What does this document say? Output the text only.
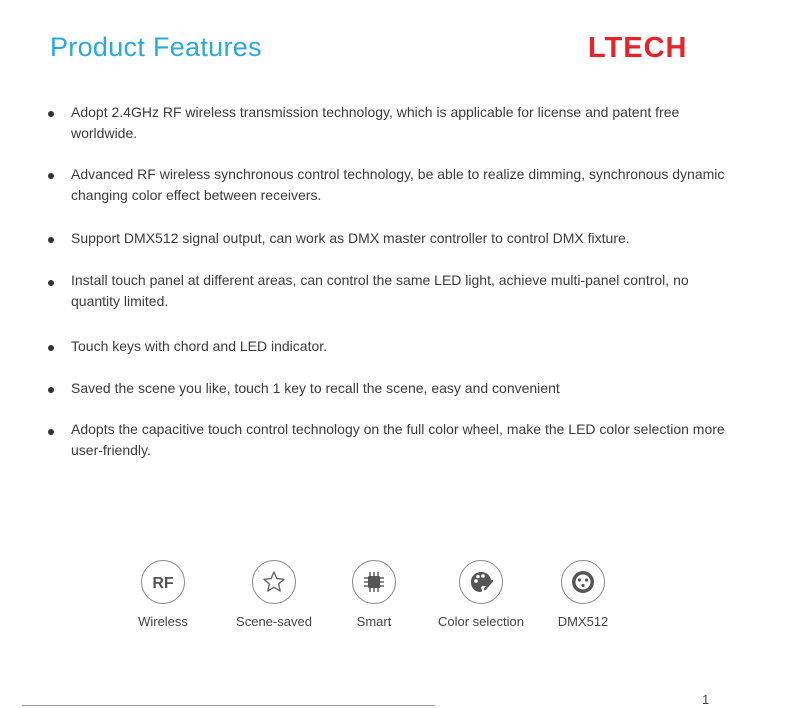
Product Features	LTECH
Adopt 2.4GHz RF wireless transmission technology, which is applicable for license and patent free worldwide.
Advanced RF wireless synchronous control technology, be able to realize dimming, synchronous dynamic changing color effect between receivers.
Support DMX512 signal output, can work as DMX master controller to control DMX fixture.
Install touch panel at different areas, can control the same LED light, achieve multi-panel control, no quantity limited.
Touch keys with chord and LED indicator.
Saved the scene you like, touch 1 key to recall the scene, easy and convenient
Adopts the capacitive touch control technology on the full color wheel, make the LED color selection more user-friendly.
RF
Wireless	Scene-saved	Smart	Color selection	DMX512
1
